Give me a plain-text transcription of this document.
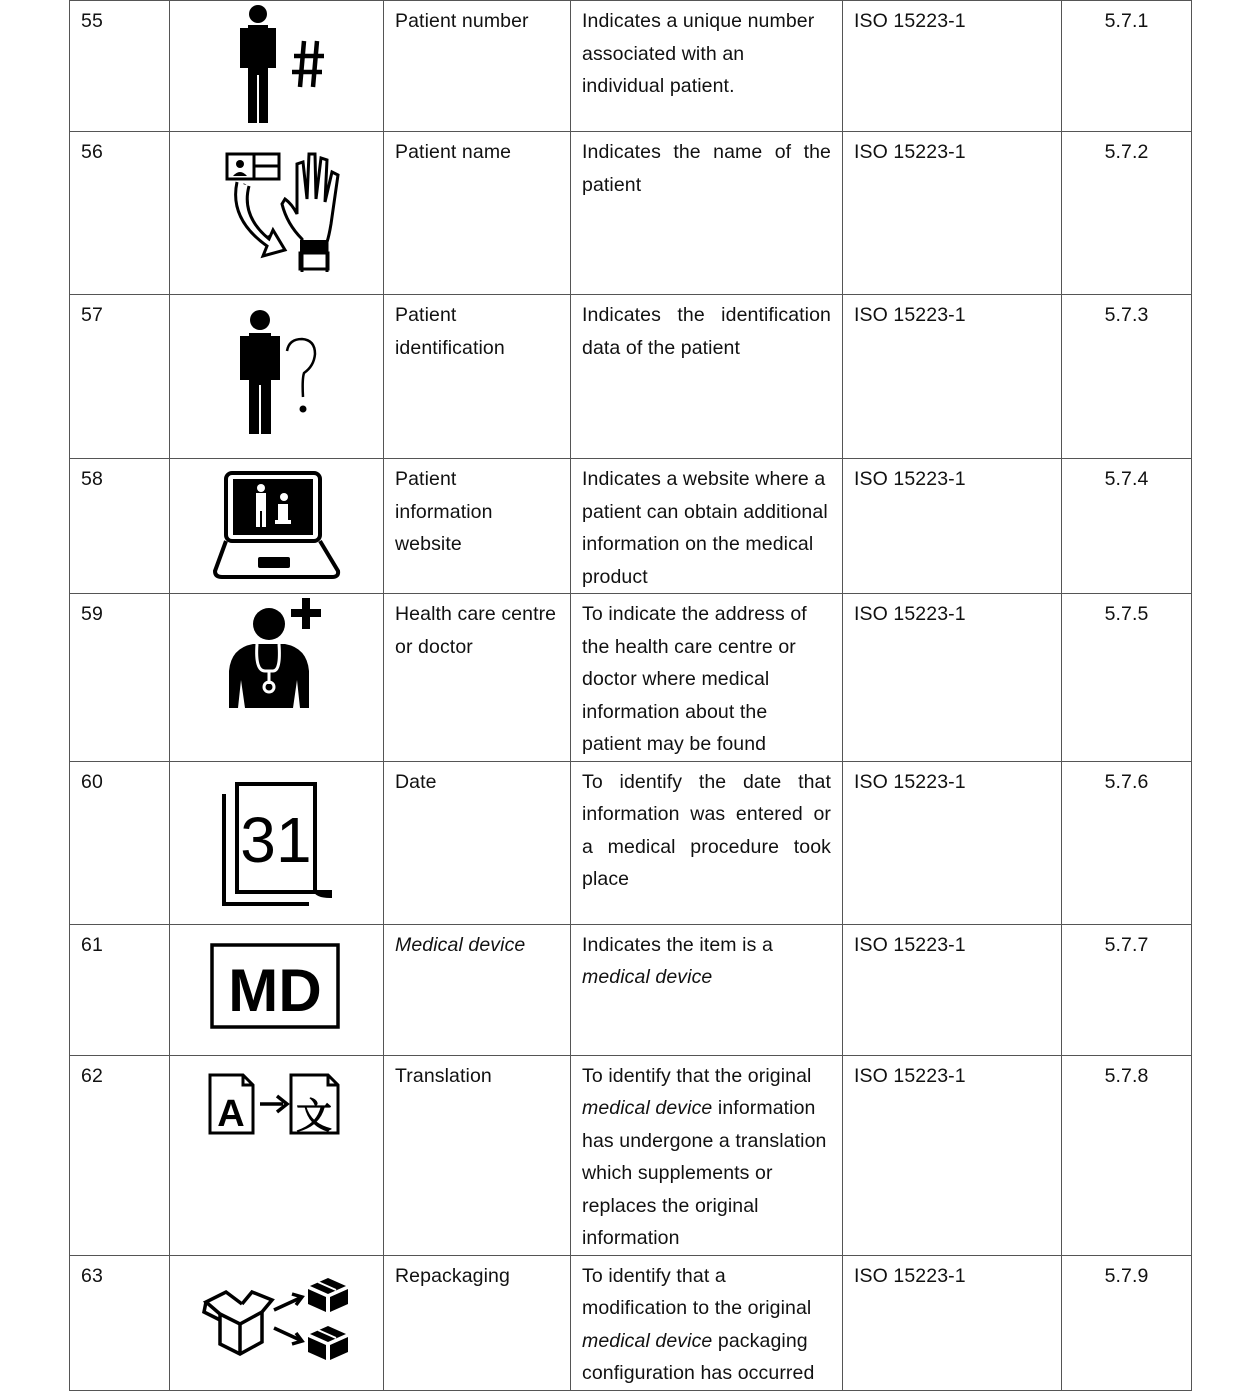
55		Patient number	Indicates a unique number associated with an individual patient.	ISO 15223-1	5.7.1
56		Patient name	Indicates the name of the patient	ISO 15223-1	5.7.2
57		Patient identification	Indicates the identification data of the patient	ISO 15223-1	5.7.3
58		Patient information website	Indicates a website where a patient can obtain additional information on the medical product	ISO 15223-1	5.7.4
59		Health care centre or doctor	To indicate the address of the health care centre or doctor where medical information about the patient may be found	ISO 15223-1	5.7.5
60	31	Date	To identify the date that information was entered or a medical procedure took place	ISO 15223-1	5.7.6
61	MD	Medical device	Indicates the item is a medical device	ISO 15223-1	5.7.7
62	A 文	Translation	To identify that the original medical device information has undergone a translation which supplements or replaces the original information	ISO 15223-1	5.7.8
63		Repackaging	To identify that a modification to the original medical device packaging configuration has occurred	ISO 15223-1	5.7.9
